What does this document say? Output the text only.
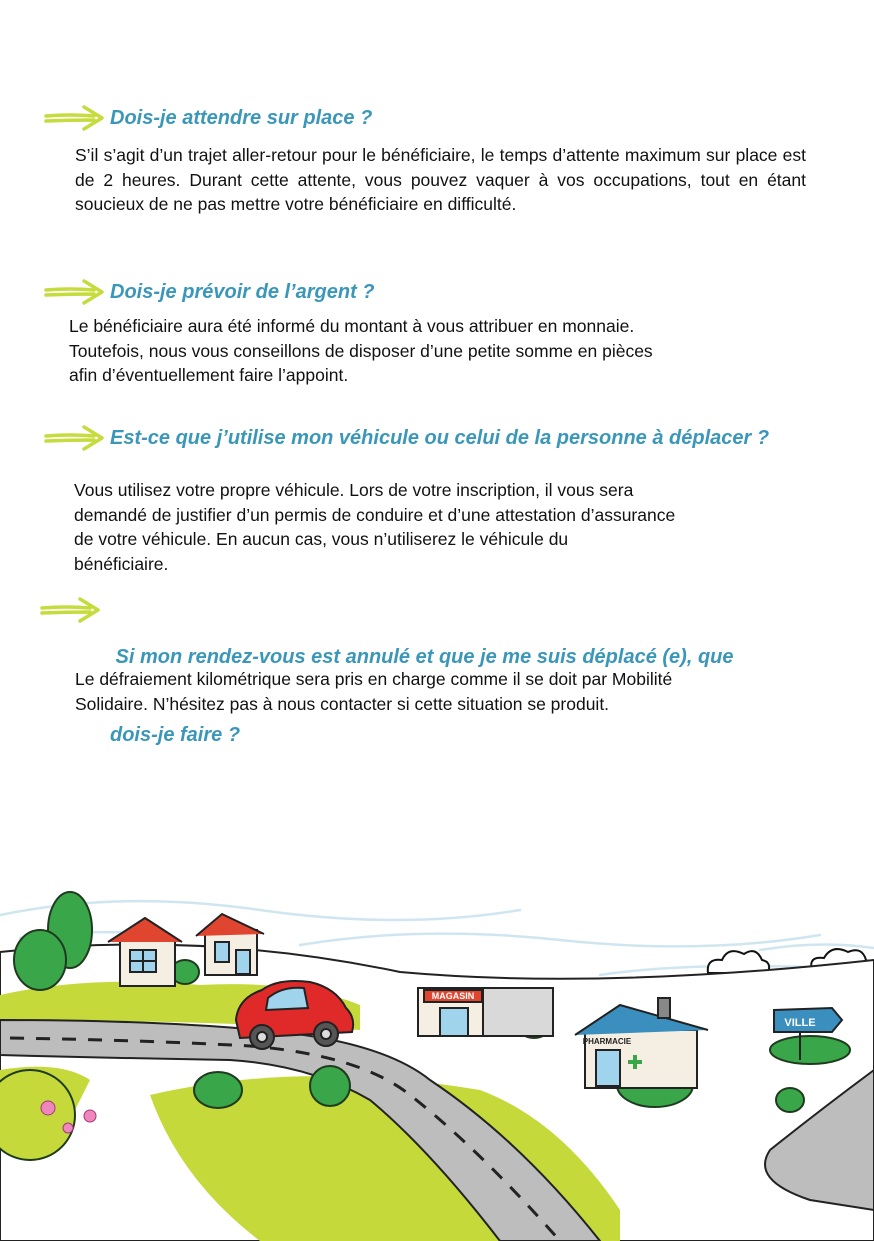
Dois-je attendre sur place ?

S’il s’agit d’un trajet aller-retour pour le bénéficiaire, le temps d’attente maximum sur place est de 2 heures. Durant cette attente, vous pouvez vaquer à vos occupations, tout en étant soucieux de ne pas mettre votre bénéficiaire en difficulté.

Dois-je prévoir de l’argent ?
Le bénéficiaire aura été informé du montant à vous attribuer en monnaie.
Toutefois, nous vous conseillons de disposer d’une petite somme en pièces
afin d’éventuellement faire l’appoint.
Est-ce que j’utilise mon véhicule ou celui de la personne à déplacer ?
Vous utilisez votre propre véhicule. Lors de votre inscription, il vous sera
demandé de justifier d’un permis de conduire et d’une attestation d’assurance
de votre véhicule. En aucun cas, vous n’utiliserez le véhicule du
bénéficiaire.

Si mon rendez-vous est annulé et que je me suis déplacé (e), que

dois-je faire ?

Le défraiement kilométrique sera pris en charge comme il se doit par Mobilité
Solidaire. N’hésitez pas à nous contacter si cette situation se produit.
MAGASIN
PHARMACIE
VILLE
